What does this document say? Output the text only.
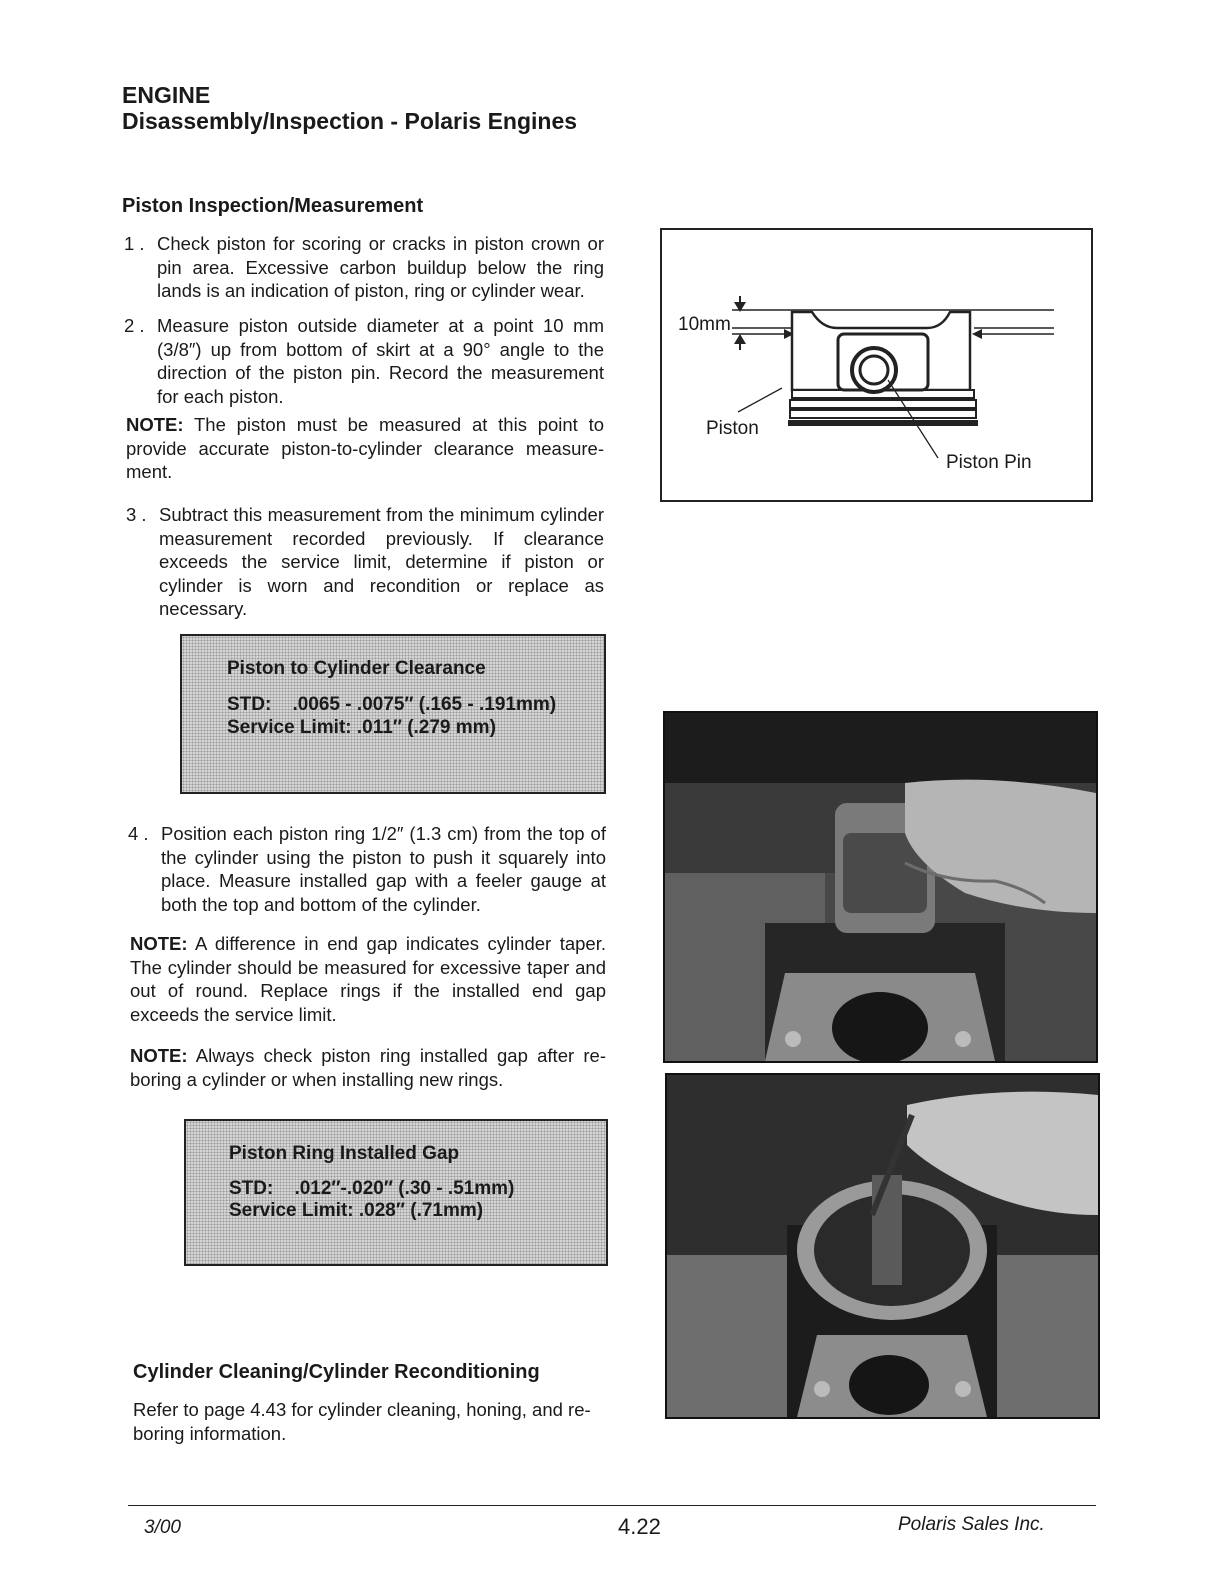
ENGINE
Disassembly/Inspection - Polaris Engines
Piston Inspection/Measurement
1 . Check piston for scoring or cracks in piston crown or pin area. Excessive carbon buildup below the ring lands is an indication of piston, ring or cylinder wear.
2 . Measure piston outside diameter at a point 10 mm (3/8″) up from bottom of skirt at a 90° angle to the direction of the piston pin. Record the measurement for each piston.
NOTE: The piston must be measured at this point to provide accurate piston-to-cylinder clearance measure-ment.
3 . Subtract this measurement from the minimum cylinder measurement recorded previously. If clearance exceeds the service limit, determine if piston or cylinder is worn and recondition or replace as necessary.
Piston to Cylinder Clearance
STD:    .0065 - .0075″ (.165 - .191mm)
Service Limit: .011″ (.279 mm)
4 . Position each piston ring 1/2″ (1.3 cm) from the top of the cylinder using the piston to push it squarely into place. Measure installed gap with a feeler gauge at both the top and bottom of the cylinder.
NOTE: A difference in end gap indicates cylinder taper. The cylinder should be measured for excessive taper and out of round. Replace rings if the installed end gap exceeds the service limit.
NOTE: Always check piston ring installed gap after re-boring a cylinder or when installing new rings.
Piston Ring Installed Gap
STD:    .012″-.020″ (.30 - .51mm)
Service Limit: .028″ (.71mm)
Cylinder Cleaning/Cylinder Reconditioning
Refer to page 4.43 for cylinder cleaning, honing, and re-boring information.
10mm
Piston
Piston Pin
3/00	4.22	Polaris Sales Inc.
